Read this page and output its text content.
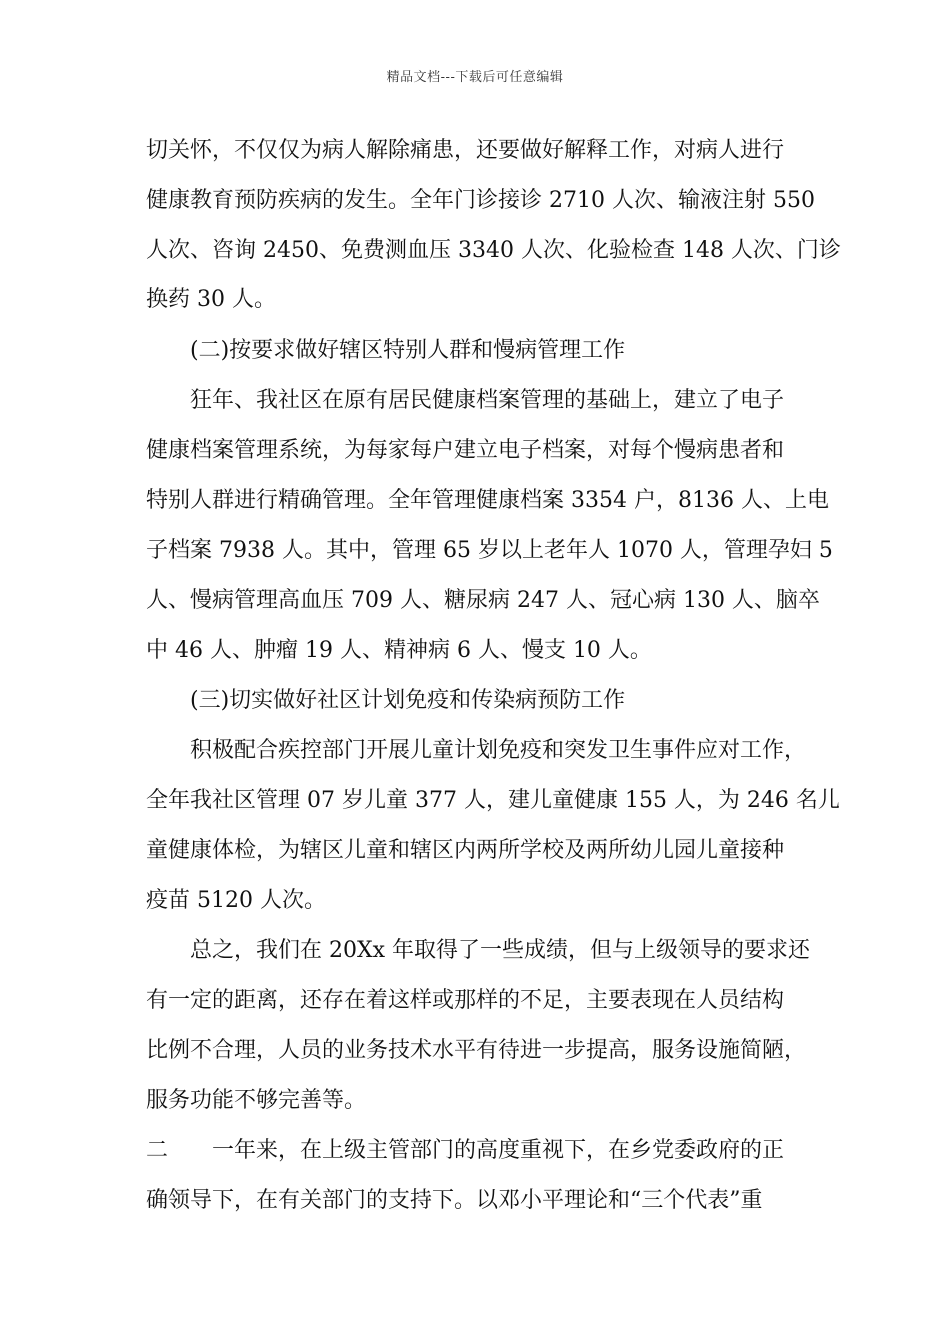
精品文档---下载后可任意编辑
切关怀，不仅仅为病人解除痛患，还要做好解释工作，对病人进行
健康教育预防疾病的发生。全年门诊接诊 2710 人次、输液注射 550
人次、咨询 2450、免费测血压 3340 人次、化验检查 148 人次、门诊
换药 30 人。
(二)按要求做好辖区特别人群和慢病管理工作
狂年、我社区在原有居民健康档案管理的基础上，建立了电子
健康档案管理系统，为每家每户建立电子档案，对每个慢病患者和
特别人群进行精确管理。全年管理健康档案 3354 户，8136 人、上电
子档案 7938 人。其中，管理 65 岁以上老年人 1070 人，管理孕妇 5
人、慢病管理高血压 709 人、糖尿病 247 人、冠心病 130 人、脑卒
中 46 人、肿瘤 19 人、精神病 6 人、慢支 10 人。
(三)切实做好社区计划免疫和传染病预防工作
积极配合疾控部门开展儿童计划免疫和突发卫生事件应对工作，
全年我社区管理 07 岁儿童 377 人，建儿童健康 155 人，为 246 名儿
童健康体检，为辖区儿童和辖区内两所学校及两所幼儿园儿童接种
疫苗 5120 人次。
总之，我们在 20Xx 年取得了一些成绩，但与上级领导的要求还
有一定的距离，还存在着这样或那样的不足，主要表现在人员结构
比例不合理，人员的业务技术水平有待进一步提高，服务设施简陋，
服务功能不够完善等。
二　　一年来，在上级主管部门的高度重视下，在乡党委政府的正
确领导下，在有关部门的支持下。以邓小平理论和“三个代表”重
